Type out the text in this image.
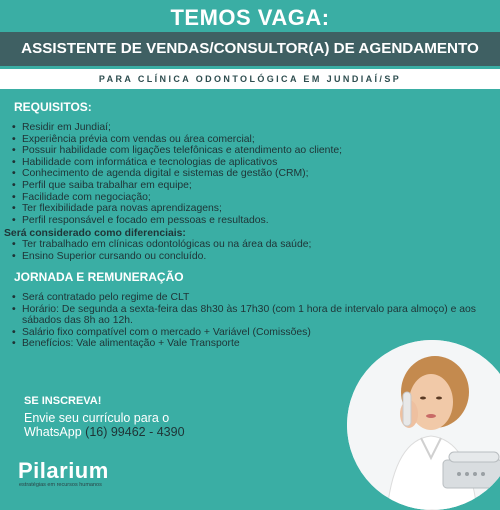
TEMOS VAGA:
ASSISTENTE DE VENDAS/CONSULTOR(A) DE AGENDAMENTO
PARA CLÍNICA ODONTOLÓGICA EM JUNDIAÍ/SP
REQUISITOS:
• Residir em Jundiaí;
• Experiência prévia com vendas ou área comercial;
• Possuir habilidade com ligações telefônicas e atendimento ao cliente;
• Habilidade com informática e tecnologias de aplicativos
• Conhecimento de agenda digital e sistemas de gestão (CRM);
• Perfil que saiba trabalhar em equipe;
• Facilidade com negociação;
• Ter flexibilidade para novas aprendizagens;
• Perfil responsável e focado em pessoas e resultados.
Será considerado como diferenciais:
• Ter trabalhado em clínicas odontológicas ou na área da saúde;
• Ensino Superior cursando ou concluído.
JORNADA E REMUNERAÇÃO
• Será contratado pelo regime de CLT
• Horário: De segunda a sexta-feira das 8h30 às 17h30 (com 1 hora de intervalo para almoço) e aos sábados das 8h ao 12h.
• Salário fixo compatível com o mercado + Variável (Comissões)
• Benefícios: Vale alimentação + Vale Transporte
SE INSCREVA!
Envie seu currículo para o
WhatsApp (16) 99462 - 4390
Pilarium
estratégias em recursos humanos
